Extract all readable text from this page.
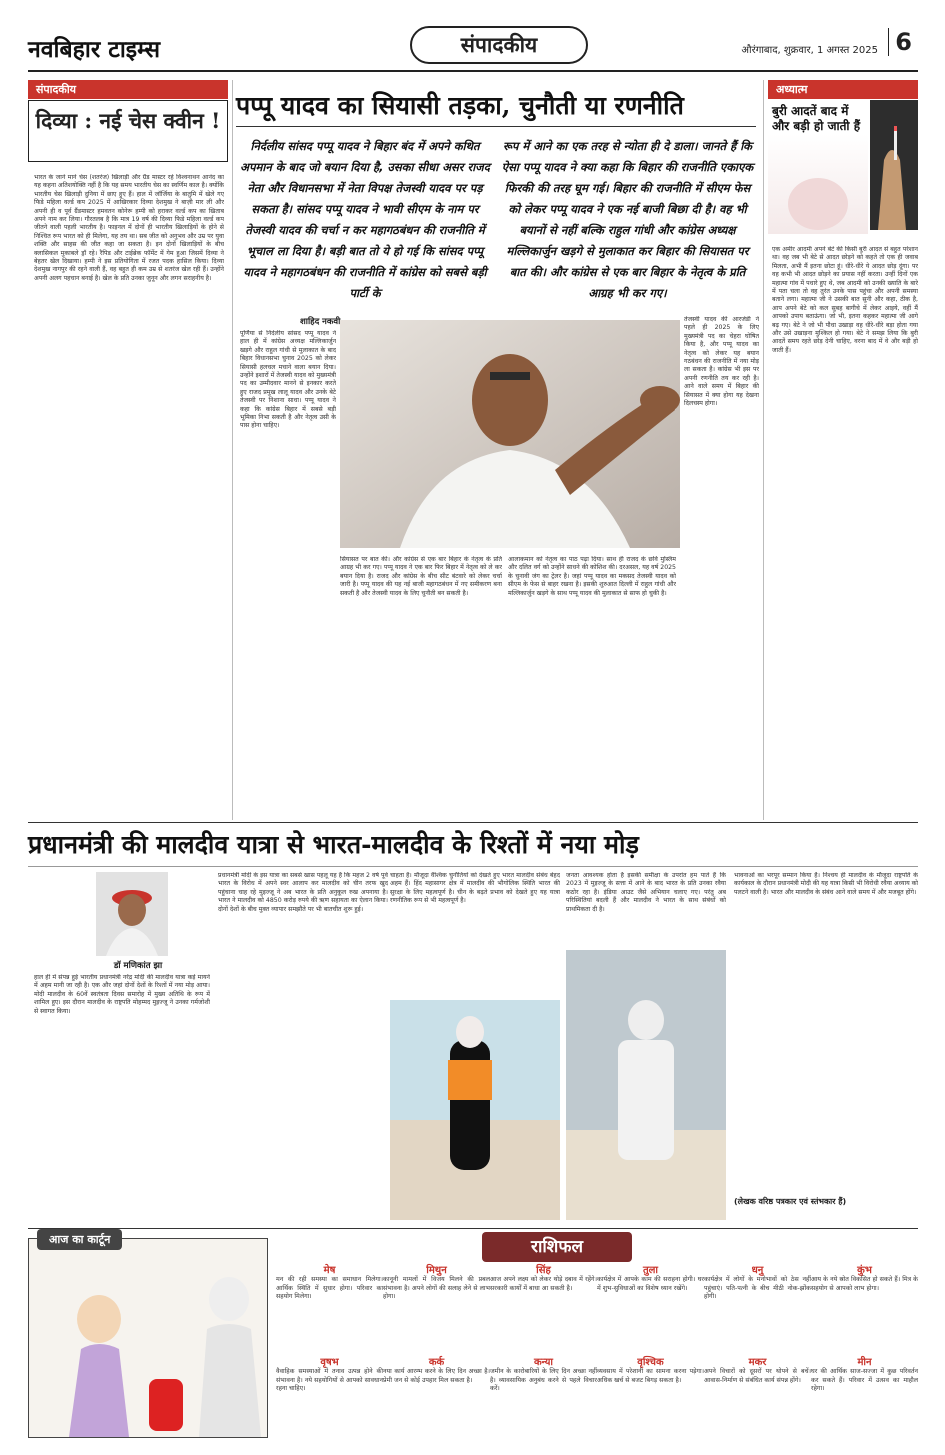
नवबिहार टाइम्स	संपादकीय	औरंगाबाद, शुक्रवार, 1 अगस्त 2025 6
संपादकीय
दिव्या : नई चेस क्वीन !
भारत के जाने माने चेस (शतरंज) खिलाड़ी और ग्रैंड मास्टर रहे विश्वनाथन आनंद का यह कहना अतिशयोक्ति नहीं है कि यह समय भारतीय चेस का स्वर्णिम काल है। क्योंकि भारतीय चेस खिलाड़ी दुनिया में छाए हुए हैं। हाल में जॉर्जिया के बातुमि में खेले गए फिडे महिला वर्ल्ड कप 2025 में आखिरकार दिव्या देशमुख ने बाज़ी मार ली और अपनी ही व पूर्व ग्रैंडमास्टर हमवतन कोनेरू हम्पी को हराकर वर्ल्ड कप का खिताब अपने नाम कर लिया। गौरतलब है कि मात्र 19 वर्ष की दिव्या फिडे महिला वर्ल्ड कप जीतने वाली पहली भारतीय है। फाइनल में दोनों ही भारतीय खिलाड़ियों के होने से निश्चित रूप भारत को ही मिलेगा, यह तय था। सब जीत को अनुभव और उम्र पर युवा शक्ति और साहस की जीत कहा जा सकता है। इन दोनों खिलाड़ियों के बीच क्लासिकल मुकाबले ड्रॉ रहे। रैपिड और टाईब्रेक फॉर्मेट में गेम हुआ जिसमें दिव्या ने बेहतर खेल दिखाया। हम्पी ने इस प्रतियोगिता में रजत पदक हासिल किया। दिव्या देशमुख नागपुर की रहने वाली हैं, वह बहुत ही कम उम्र से शतरंज खेल रही हैं। उन्होंने अपनी अलग पहचान बनाई है। खेल के प्रति उनका जुनून और लगन सराहनीय है।
पप्पू यादव का सियासी तड़का, चुनौती या रणनीति
निर्दलीय सांसद पप्पू यादव ने बिहार बंद में अपने कथित अपमान के बाद जो बयान दिया है, उसका सीधा असर राजद नेता और विधानसभा में नेता विपक्ष तेजस्वी यादव पर पड़ सकता है। सांसद पप्पू यादव ने भावी सीएम के नाम पर तेजस्वी यादव की चर्चा न कर महागठबंधन की राजनीति में भूचाल ला दिया है। बड़ी बात तो ये हो गई कि सांसद पप्पू यादव ने महागठबंधन की राजनीति में कांग्रेस को सबसे बड़ी पार्टी के
रूप में आने का एक तरह से न्योता ही दे डाला। जानते हैं कि ऐसा पप्पू यादव ने क्या कहा कि बिहार की राजनीति एकाएक फिरकी की तरह घूम गई। बिहार की राजनीति में सीएम फेस को लेकर पप्पू यादव ने एक नई बाजी बिछा दी है। वह भी बयानों से नहीं बल्कि राहुल गांधी और कांग्रेस अध्यक्ष मल्लिकार्जुन खड़गे से मुलाकात कर बिहार की सियासत पर बात की। और कांग्रेस से एक बार बिहार के नेतृत्व के प्रति आग्रह भी कर गए।
शाहिद नकवी
पूर्णिया से निर्दलीय सांसद पप्पू यादव ने हाल ही में कांग्रेस अध्यक्ष मल्लिकार्जुन खड़गे और राहुल गांधी से मुलाकात के बाद बिहार विधानसभा चुनाव 2025 को लेकर सियासी हलचल मचाने वाला बयान दिया। उन्होंने इशारों में तेजस्वी यादव को मुख्यमंत्री पद का उम्मीदवार मानने से इनकार करते हुए राजद प्रमुख लालू यादव और उनके बेटे तेजस्वी पर निशाना साधा। पप्पू यादव ने कहा कि कांग्रेस बिहार में सबसे बड़ी भूमिका निभा सकती है और नेतृत्व उसी के पास होना चाहिए।
सियासत पर बात की। और कांग्रेस से एक बार बिहार के नेतृत्व के प्रति आग्रह भी कर गए। पप्पू यादव ने एक बार फिर बिहार में नेतृत्व को ले कर बयान दिया है। राजद और कांग्रेस के बीच सीट बंटवारे को लेकर चर्चा जारी है। पप्पू यादव की यह नई बाजी महागठबंधन में नए समीकरण बना सकती है और तेजस्वी यादव के लिए चुनौती बन सकती है।
आलाकमान को नेतृत्व का पाठ पढ़ा दिया। साथ ही राजद के छवि मुस्लिम और दलित वर्ग को उन्होंने साधने की कोशिश की। दरअसल, यह वर्ष 2025 के चुनावी जंग का ट्रेलर है। जहां पप्पू यादव का मकसद तेजस्वी यादव को सीएम के फेस से बाहर रखना है। इसकी शुरुआत दिल्ली में राहुल गांधी और मल्लिकार्जुन खड़गे के साथ पप्पू यादव की मुलाकात से साफ हो चुकी है।
तेजस्वी यादव की आरजेडी ने पहले ही 2025 के लिए मुख्यमंत्री पद का चेहरा घोषित किया है, और पप्पू यादव का नेतृत्व को लेकर यह बयान गठबंधन की राजनीति में नया मोड़ ला सकता है। कांग्रेस भी इस पर अपनी रणनीति तय कर रही है। आने वाले समय में बिहार की सियासत में क्या होगा यह देखना दिलचस्प होगा।
अध्यात्म
बुरी आदतें बाद में और बड़ी हो जाती हैं
एक अमीर आदमी अपने बेटे की किसी बुरी आदत से बहुत परेशान था। वह जब भी बेटे से आदत छोड़ने को कहते तो एक ही जवाब मिलता, अभी मैं इतना छोटा हूं। धीरे-धीरे ये आदत छोड़ दूंगा। पर वह कभी भी आदत छोड़ने का प्रयास नहीं करता। उन्हीं दिनों एक महात्मा गांव में पधारे हुए थे, जब आदमी को उनकी ख्याति के बारे में पता चला तो वह तुरंत उनके पास पहुंचा और अपनी समस्या बताने लगा। महात्मा जी ने उसकी बात सुनी और कहा, ठीक है, आप अपने बेटे को कल सुबह बागीचे में लेकर आइये, वहीं मैं आपको उपाय बताऊंगा। जो भी, इतना कहकर महात्मा जी आगे बढ़ गए। बेटे ने जो भी पौधा उखाड़ा वह धीरे-धीरे बड़ा होता गया और उसे उखाड़ना मुश्किल हो गया। बेटे ने समझ लिया कि बुरी आदतें समय रहते छोड़ देनी चाहिए, वरना बाद में वे और बड़ी हो जाती हैं।
प्रधानमंत्री की मालदीव यात्रा से भारत-मालदीव के रिश्तों में नया मोड़
डॉ मणिकांत झा
हाल ही में संपन्न हुई भारतीय प्रधानमंत्री नरेंद्र मोदी की मालदीव यात्रा कई मायने में अहम मानी जा रही है। एक और जहां दोनों देशों के रिश्तों में नया मोड़ आया। मोदी मालदीव के 60वें स्वतंत्रता दिवस समारोह में मुख्य अतिथि के रूप में शामिल हुए। इस दौरान मालदीव के राष्ट्रपति मोहम्मद मुइज्जू ने उनका गर्मजोशी से स्वागत किया।
प्रधानमंत्री मोदी के इस यात्रा का सबसे खास पहलू यह है कि महज 2 वर्ष पूर्व भारत के विरोध में अपने स्वर आलाप कर मालदीव को चीन तरफ खुद पहुंचाना चाह रहे मुइज्जू ने अब भारत के प्रति अनुकूल रुख अपनाया है। भारत ने मालदीव को 4850 करोड़ रुपये की ऋण सहायता का ऐलान किया। दोनों देशों के बीच मुक्त व्यापार समझौते पर भी बातचीत शुरू हुई।
चाहता है। मौजूदा वैश्विक चुनौतियों को देखते हुए भारत मालदीव संबंध बेहद अहम हैं। हिंद महासागर क्षेत्र में मालदीव की भौगोलिक स्थिति भारत की सुरक्षा के लिए महत्वपूर्ण है। चीन के बढ़ते प्रभाव को देखते हुए यह यात्रा रणनीतिक रूप से भी महत्वपूर्ण है।
जनता आवश्यक होता है इसकी समीक्षा के उपरांत हम पाते हैं कि 2023 में मुइज्जू के सत्ता में आने के बाद भारत के प्रति उनका रवैया कठोर रहा है। इंडिया आउट जैसे अभियान चलाए गए। परंतु अब परिस्थितियां बदली हैं और मालदीव ने भारत के साथ संबंधों को प्राथमिकता दी है।
भावनाओं का भरपूर सम्मान किया है। निश्चय ही मालदीव के मौजूदा राष्ट्रपति के कार्यकाल के दौरान प्रधानमंत्री मोदी की यह यात्रा किसी भी विरोधी रवैया अध्याय को पलटने वाली है। भारत और मालदीव के संबंध आने वाले समय में और मजबूत होंगे।
(लेखक वरिष्ठ पत्रकार एवं स्तंभकार हैं)
आज का कार्टून	राशिफल
मेष
मन की रही समस्या का समाधान मिलेगा। आर्थिक स्थिति में सुधार होगा। परिवार का सहयोग मिलेगा।
मिथुन
कानूनी मामलों में विजय मिलने की प्रबल संभावना है। अपने लोगों की सलाह लेने से लाभ होगा।
सिंह
आज अपने लक्ष्य को लेकर थोड़े दबाव में रहेंगे। सरकारी कार्यों में बाधा आ सकती है।
तुला
कार्यक्षेत्र में आपके काम की सराहना होगी। घर में शुभ-सुविधाओं का विशेष ध्यान रखेंगे।
धनु
कार्यक्षेत्र में लोगों के मनोभावों को ठेस नहीं पहुंचाएं। पति-पत्नी के बीच मीठी नोक-झोंक होगी।
कुंभ
आय के नये स्रोत विकसित हो सकते हैं। मित्र के सहयोग से आपको लाभ होगा।
वृषभ
वैवाहिक समस्याओं में तनाव उत्पन्न होने की संभावना है। नये सहयोगियों से आपको सावधान रहना चाहिए।
कर्क
नया कार्य आरम्भ करने के लिए दिन अच्छा है। प्रेमी जन से कोई उपहार मिल सकता है।
कन्या
जमीन के कारोबारियों के लिए दिन अच्छा नहीं है। व्यावसायिक अनुबंध करने से पहले विचार करें।
वृश्चिक
व्यवसाय में परेशानी का सामना करना पड़ेगा। अधिक खर्च से बजट बिगड़ सकता है।
मकर
अपने विचारों को दूसरों पर थोपने से बचें। आवास-निर्माण से संबंधित कार्य संपन्न होंगे।
मीन
घर की आर्थिक साज-सज्जा में कुछ परिवर्तन कर सकते हैं। परिवार में उत्सव का माहौल रहेगा।
